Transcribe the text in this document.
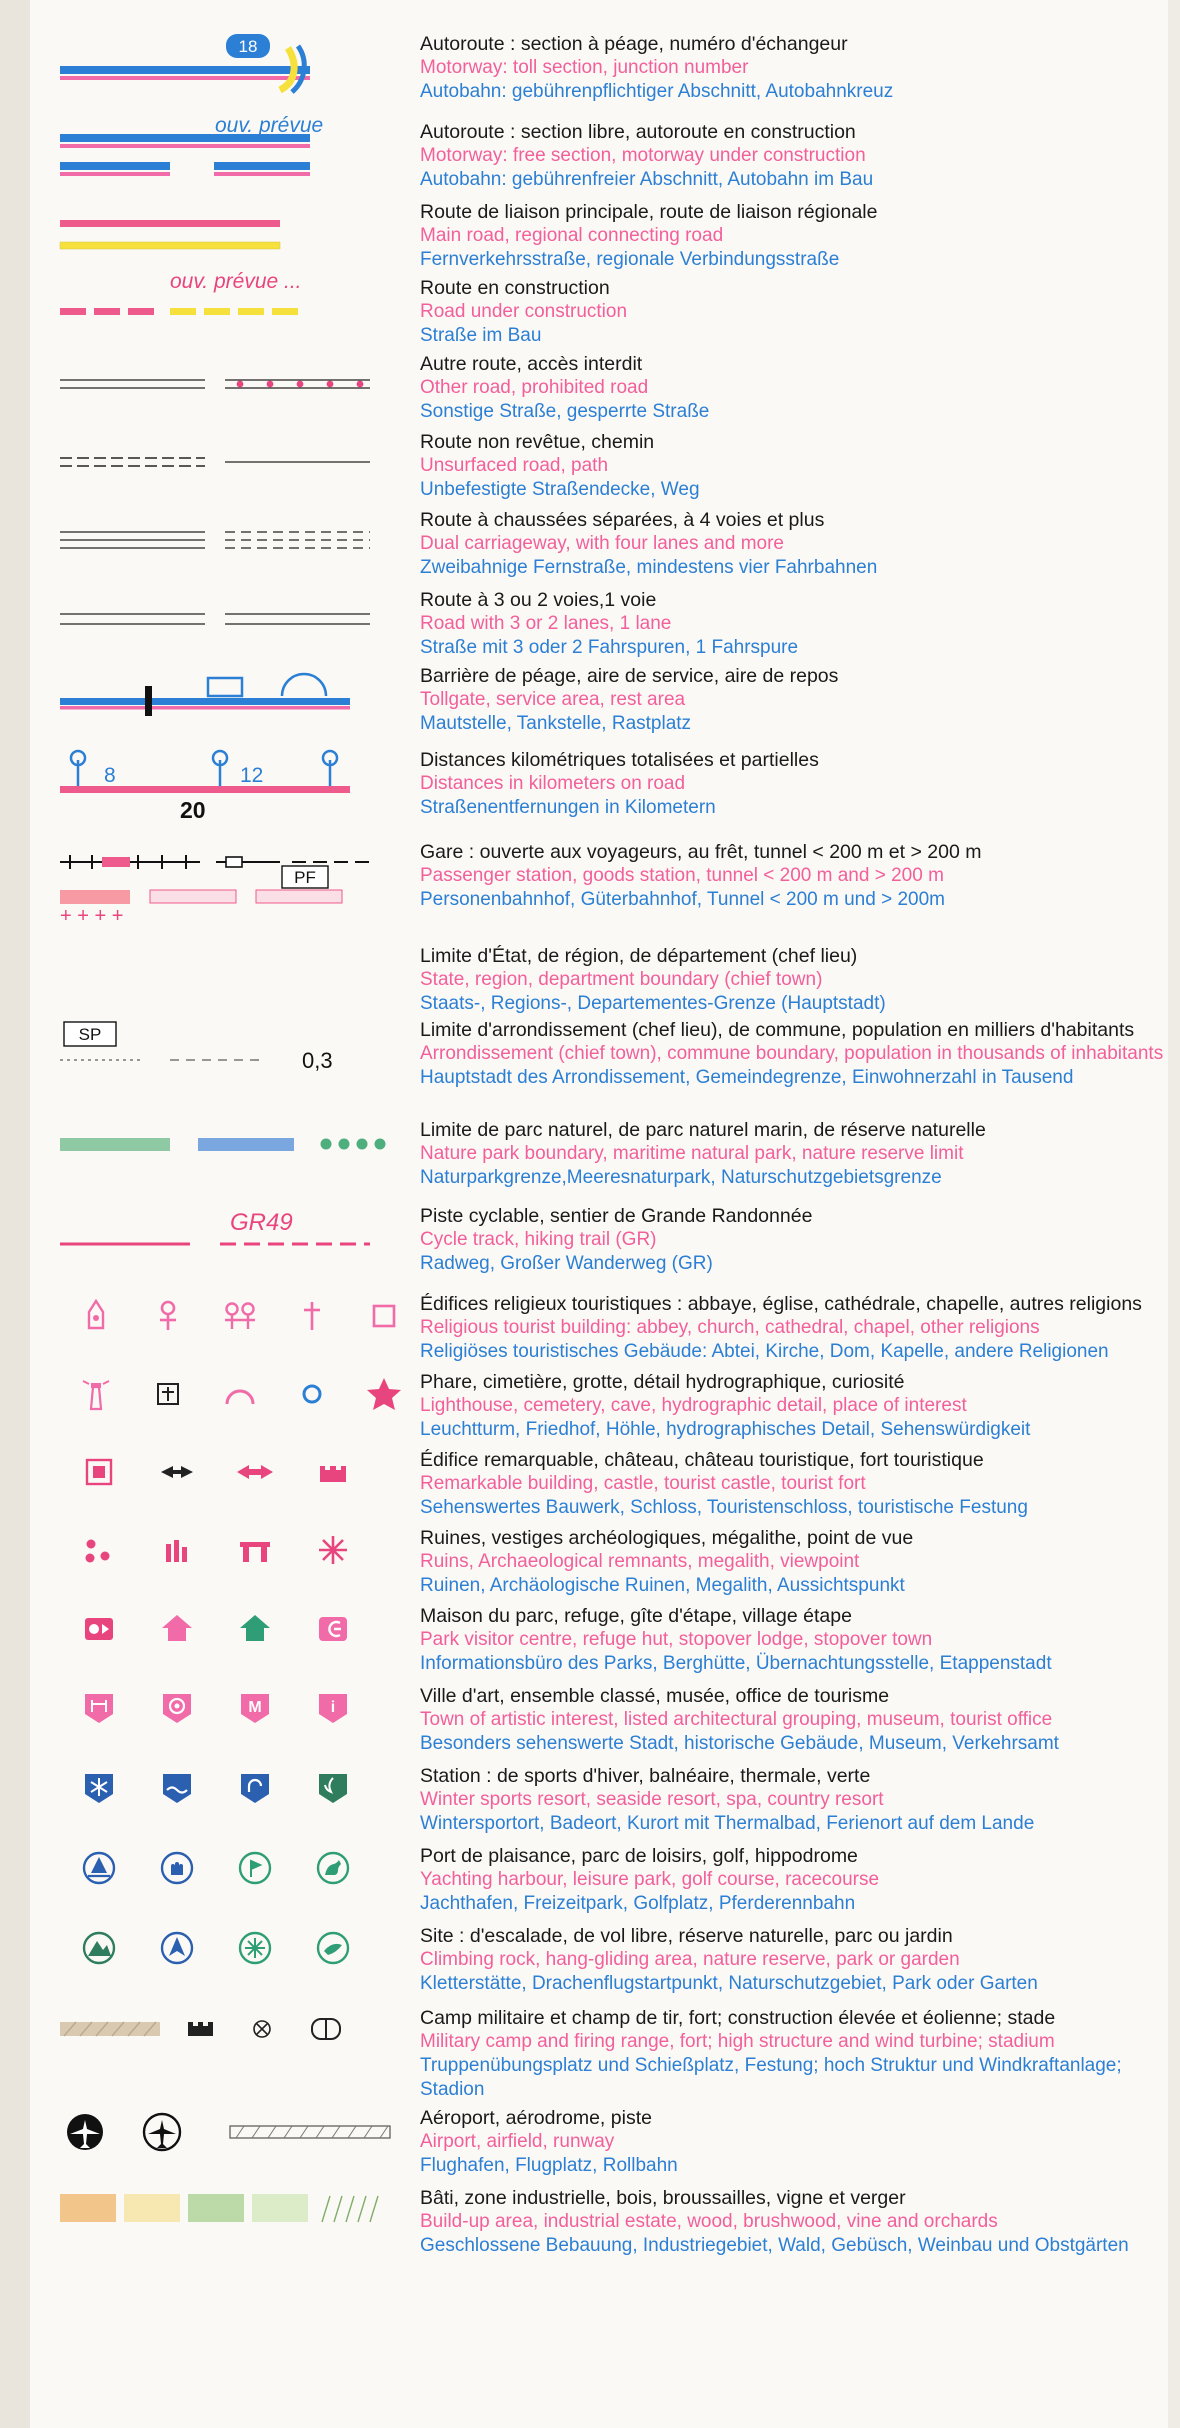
18	Autoroute : section à péage, numéro d'échangeur
Motorway: toll section, junction number
Autobahn: gebührenpflichtiger Abschnitt, Autobahnkreuz
ouv. prévue	Autoroute : section libre, autoroute en construction
Motorway: free section, motorway under construction
Autobahn: gebührenfreier Abschnitt, Autobahn im Bau
Route de liaison principale, route de liaison régionale
Main road, regional connecting road
Fernverkehrsstraße, regionale Verbindungsstraße
ouv. prévue ...	Route en construction
Road under construction
Straße im Bau
Autre route, accès interdit
Other road, prohibited road
Sonstige Straße, gesperrte Straße
Route non revêtue, chemin
Unsurfaced road, path
Unbefestigte Straßendecke, Weg
Route à chaussées séparées, à 4 voies et plus
Dual carriageway, with four lanes and more
Zweibahnige Fernstraße, mindestens vier Fahrbahnen
Route à 3 ou 2 voies,1 voie
Road with 3 or 2 lanes, 1 lane
Straße mit 3 oder 2 Fahrspuren, 1 Fahrspure
Barrière de péage, aire de service, aire de repos
Tollgate, service area, rest area
Mautstelle, Tankstelle, Rastplatz
8	12
20
Distances kilométriques totalisées et partielles
Distances in kilometers on road
Straßenentfernungen in Kilometern
+ + + +
PF
Gare : ouverte aux voyageurs, au frêt, tunnel < 200 m et > 200 m
Passenger station, goods station, tunnel < 200 m and > 200 m
Personenbahnhof, Güterbahnhof, Tunnel < 200 m und > 200m
Limite d'État, de région, de département (chef lieu)
State, region, department boundary (chief town)
Staats-, Regions-, Departementes-Grenze (Hauptstadt)
SP
0,3
Limite d'arrondissement (chef lieu), de commune, population en milliers d'habitants
Arrondissement (chief town), commune boundary, population in thousands of inhabitants
Hauptstadt des Arrondissement, Gemeindegrenze, Einwohnerzahl in Tausend
Limite de parc naturel, de parc naturel marin, de réserve naturelle
Nature park boundary, maritime natural park, nature reserve limit
Naturparkgrenze,Meeresnaturpark, Naturschutzgebietsgrenze
GR49	Piste cyclable, sentier de Grande Randonnée
Cycle track, hiking trail (GR)
Radweg, Großer Wanderweg (GR)
Édifices religieux touristiques : abbaye, église, cathédrale, chapelle, autres religions
Religious tourist building: abbey, church, cathedral, chapel, other religions
Religiöses touristisches Gebäude: Abtei, Kirche, Dom, Kapelle, andere Religionen
Phare, cimetière, grotte, détail hydrographique, curiosité
Lighthouse, cemetery, cave, hydrographic detail, place of interest
Leuchtturm, Friedhof, Höhle, hydrographisches Detail, Sehenswürdigkeit
Édifice remarquable, château, château touristique, fort touristique
Remarkable building, castle, tourist castle, tourist fort
Sehenswertes Bauwerk, Schloss, Touristenschloss, touristische Festung
Ruines, vestiges archéologiques, mégalithe, point de vue
Ruins, Archaeological remnants, megalith, viewpoint
Ruinen, Archäologische Ruinen, Megalith, Aussichtspunkt
Maison du parc, refuge, gîte d'étape, village étape
Park visitor centre, refuge hut, stopover lodge, stopover town
Informationsbüro des Parks, Berghütte, Übernachtungsstelle, Etappenstadt
M	i
Ville d'art, ensemble classé, musée, office de tourisme
Town of artistic interest, listed architectural grouping, museum, tourist office
Besonders sehenswerte Stadt, historische Gebäude, Museum, Verkehrsamt
Station : de sports d'hiver, balnéaire, thermale, verte
Winter sports resort, seaside resort, spa, country resort
Wintersportort, Badeort, Kurort mit Thermalbad, Ferienort auf dem Lande
Port de plaisance, parc de loisirs, golf, hippodrome
Yachting harbour, leisure park, golf course, racecourse
Jachthafen, Freizeitpark, Golfplatz, Pferderennbahn
Site : d'escalade, de vol libre, réserve naturelle, parc ou jardin
Climbing rock, hang-gliding area, nature reserve, park or garden
Kletterstätte, Drachenflugstartpunkt, Naturschutzgebiet, Park oder Garten
Camp militaire et champ de tir, fort; construction élevée et éolienne; stade
Military camp and firing range, fort; high structure and wind turbine; stadium
Truppenübungsplatz und Schießplatz, Festung; hoch Struktur und Windkraftanlage; Stadion
Aéroport, aérodrome, piste
Airport, airfield, runway
Flughafen, Flugplatz, Rollbahn
Bâti, zone industrielle, bois, broussailles, vigne et verger
Build-up area, industrial estate, wood, brushwood, vine and orchards
Geschlossene Bebauung, Industriegebiet, Wald, Gebüsch, Weinbau und Obstgärten
